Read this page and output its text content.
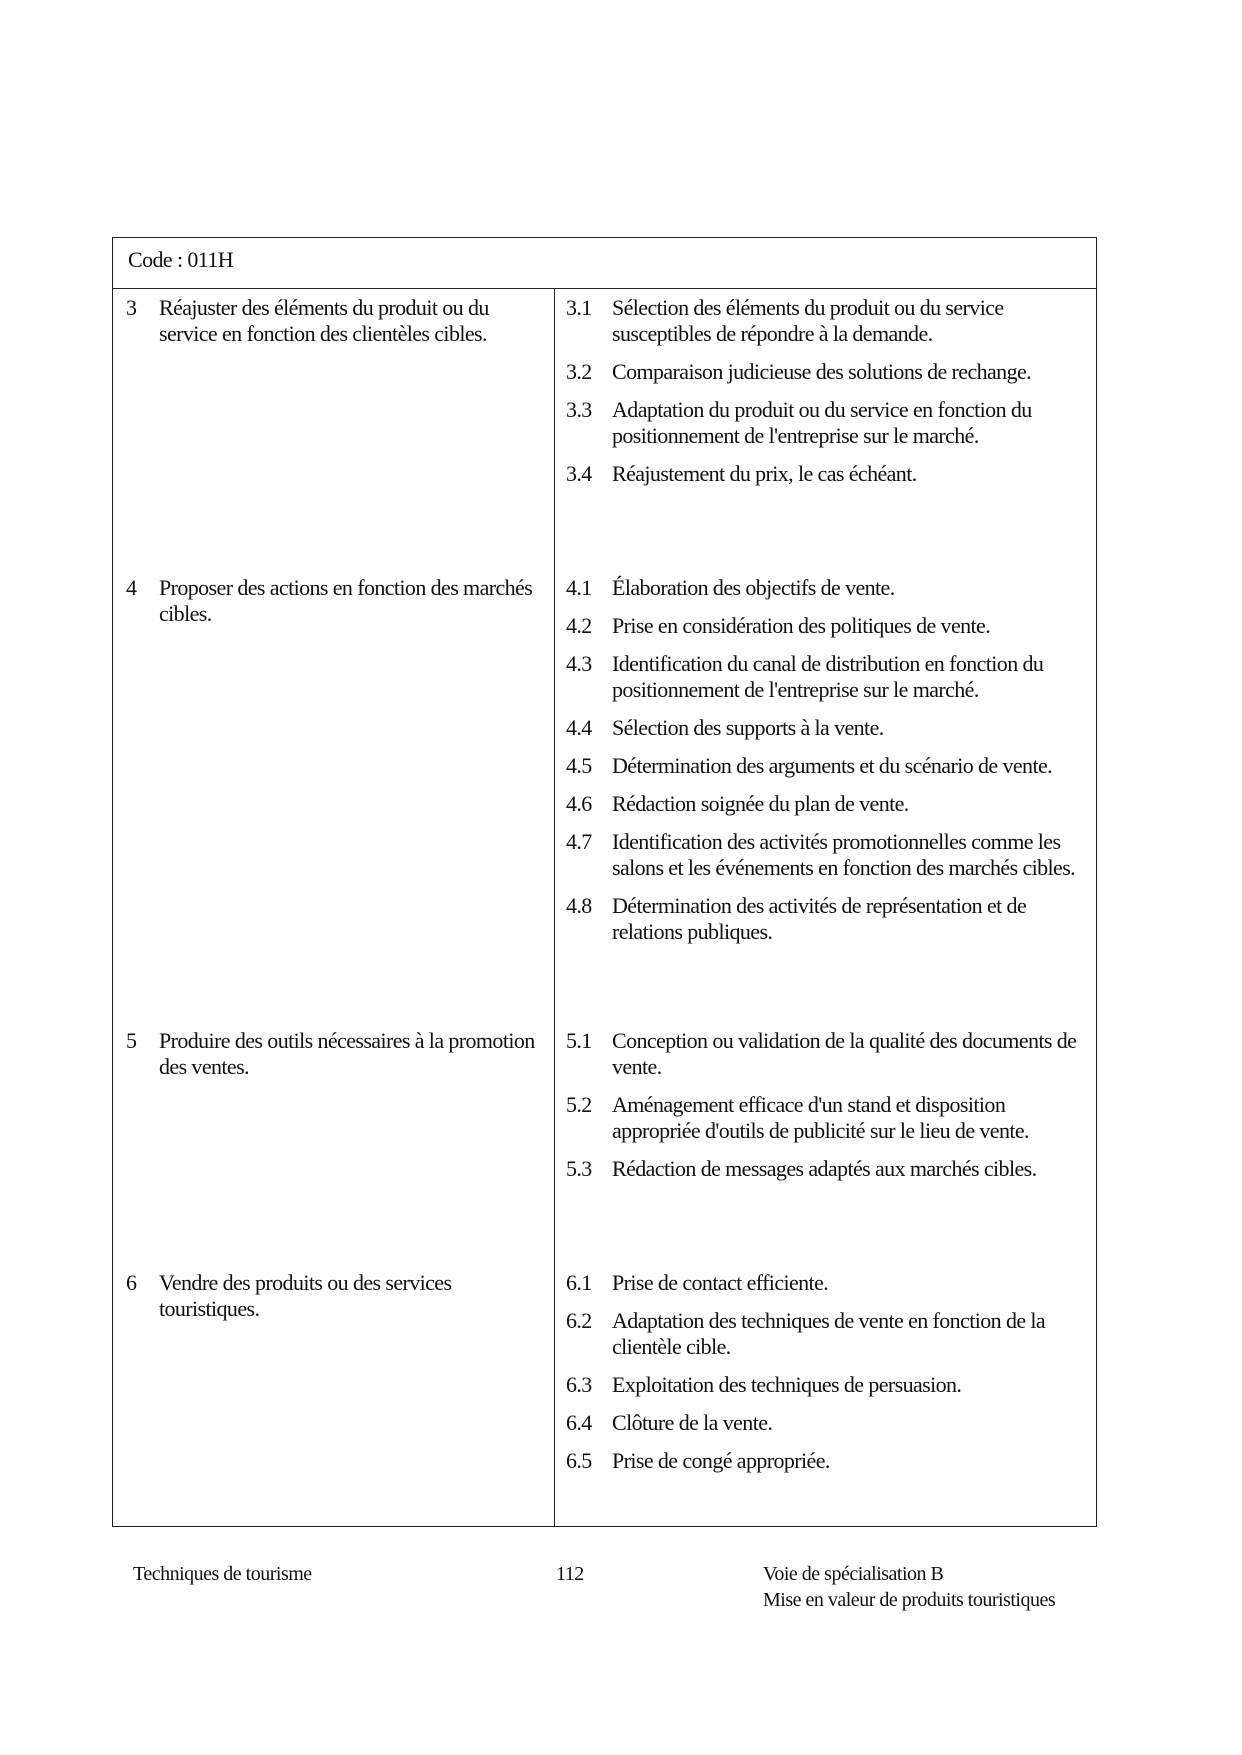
Code : 011H
3	Réajuster des éléments du produit ou du service en fonction des clientèles cibles.
3.1 Sélection des éléments du produit ou du service susceptibles de répondre à la demande.
3.2 Comparaison judicieuse des solutions de rechange.
3.3 Adaptation du produit ou du service en fonction du positionnement de l'entreprise sur le marché.
3.4 Réajustement du prix, le cas échéant.
4	Proposer des actions en fonction des marchés cibles.
4.1 Élaboration des objectifs de vente.
4.2 Prise en considération des politiques de vente.
4.3 Identification du canal de distribution en fonction du positionnement de l'entreprise sur le marché.
4.4 Sélection des supports à la vente.
4.5 Détermination des arguments et du scénario de vente.
4.6 Rédaction soignée du plan de vente.
4.7 Identification des activités promotionnelles comme les salons et les événements en fonction des marchés cibles.
4.8 Détermination des activités de représentation et de relations publiques.
5	Produire des outils nécessaires à la promotion des ventes.
5.1 Conception ou validation de la qualité des documents de vente.
5.2 Aménagement efficace d'un stand et disposition appropriée d'outils de publicité sur le lieu de vente.
5.3 Rédaction de messages adaptés aux marchés cibles.
6	Vendre des produits ou des services touristiques.
6.1 Prise de contact efficiente.
6.2 Adaptation des techniques de vente en fonction de la clientèle cible.
6.3 Exploitation des techniques de persuasion.
6.4 Clôture de la vente.
6.5 Prise de congé appropriée.
Techniques de tourisme	112	Voie de spécialisation B
Mise en valeur de produits touristiques
